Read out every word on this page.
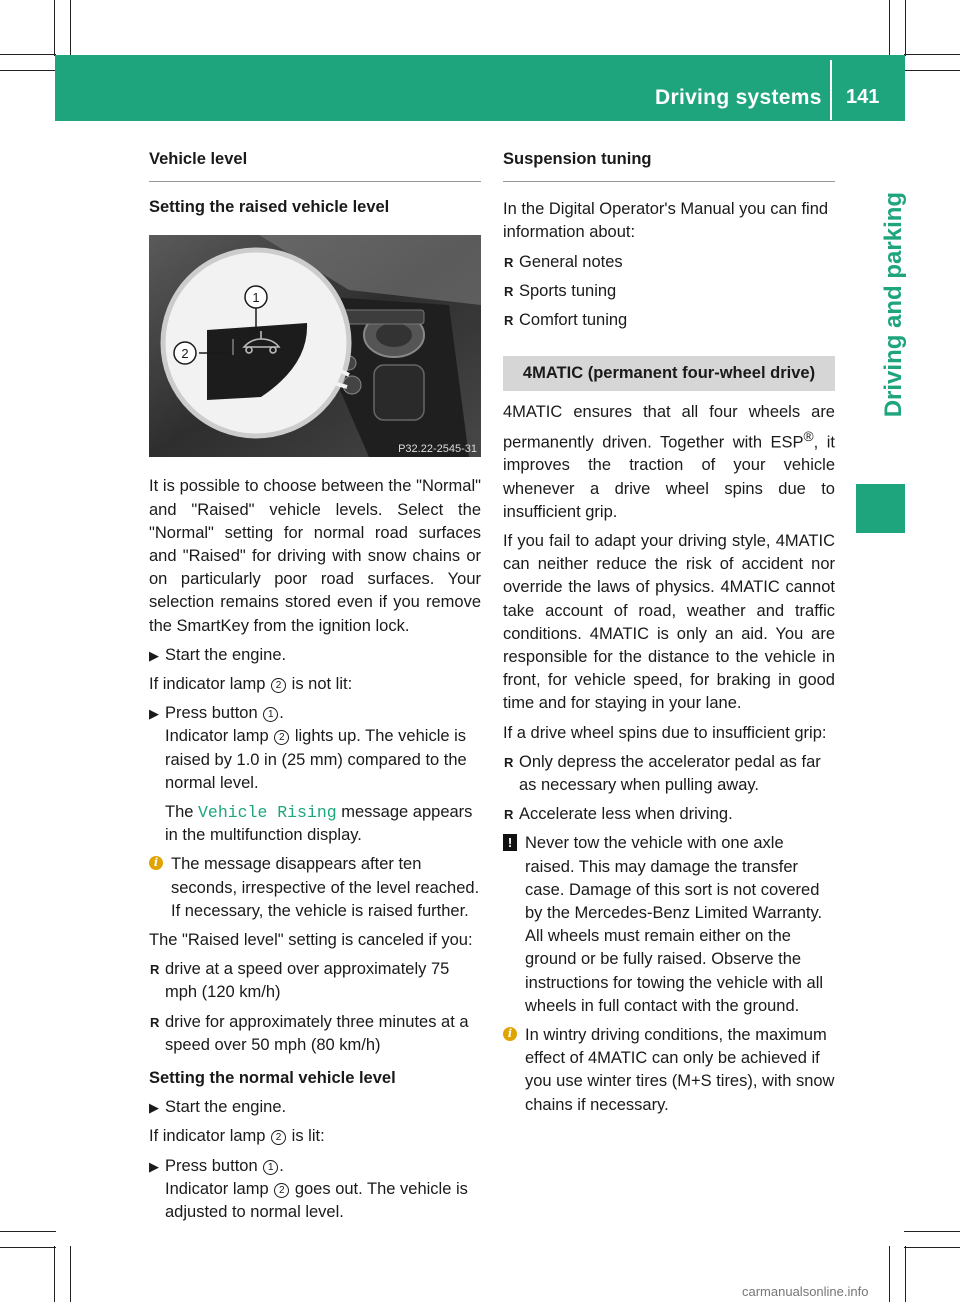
Driving systems 141
Driving and parking
Vehicle level
Setting the raised vehicle level
1
2
P32.22-2545-31

It is possible to choose between the "Normal" and "Raised" vehicle levels. Select the "Normal" setting for normal road surfaces and "Raised" for driving with snow chains or on particularly poor road surfaces. Your selection remains stored even if you remove the SmartKey from the ignition lock.

▶ Start the engine.

If indicator lamp 2 is not lit:

▶ Press button 1 .
Indicator lamp 2 lights up. The vehicle is raised by 1.0 in (25 mm) compared to the normal level.
The Vehicle Rising message appears in the multifunction display.
i The message disappears after ten seconds, irrespective of the level reached. If necessary, the vehicle is raised further.

The "Raised level" setting is canceled if you:

R drive at a speed over approximately 75 mph (120 km/h)
R drive for approximately three minutes at a speed over 50 mph (80 km/h)
Setting the normal vehicle level
▶ Start the engine.

If indicator lamp 2 is lit:

▶ Press button 1 .
Indicator lamp 2 goes out. The vehicle is adjusted to normal level.
Suspension tuning

In the Digital Operator's Manual you can find information about:

R General notes
R Sports tuning
R Comfort tuning
4MATIC (permanent four-wheel drive)

4MATIC ensures that all four wheels are permanently driven. Together with ESP®, it improves the traction of your vehicle whenever a drive wheel spins due to insufficient grip.

If you fail to adapt your driving style, 4MATIC can neither reduce the risk of accident nor override the laws of physics. 4MATIC cannot take account of road, weather and traffic conditions. 4MATIC is only an aid. You are responsible for the distance to the vehicle in front, for vehicle speed, for braking in good time and for staying in your lane.

If a drive wheel spins due to insufficient grip:

R Only depress the accelerator pedal as far as necessary when pulling away.
R Accelerate less when driving.
! Never tow the vehicle with one axle raised. This may damage the transfer case. Damage of this sort is not covered by the Mercedes-Benz Limited Warranty. All wheels must remain either on the ground or be fully raised. Observe the instructions for towing the vehicle with all wheels in full contact with the ground.
i In wintry driving conditions, the maximum effect of 4MATIC can only be achieved if you use winter tires (M+S tires), with snow chains if necessary.
carmanualsonline.info
